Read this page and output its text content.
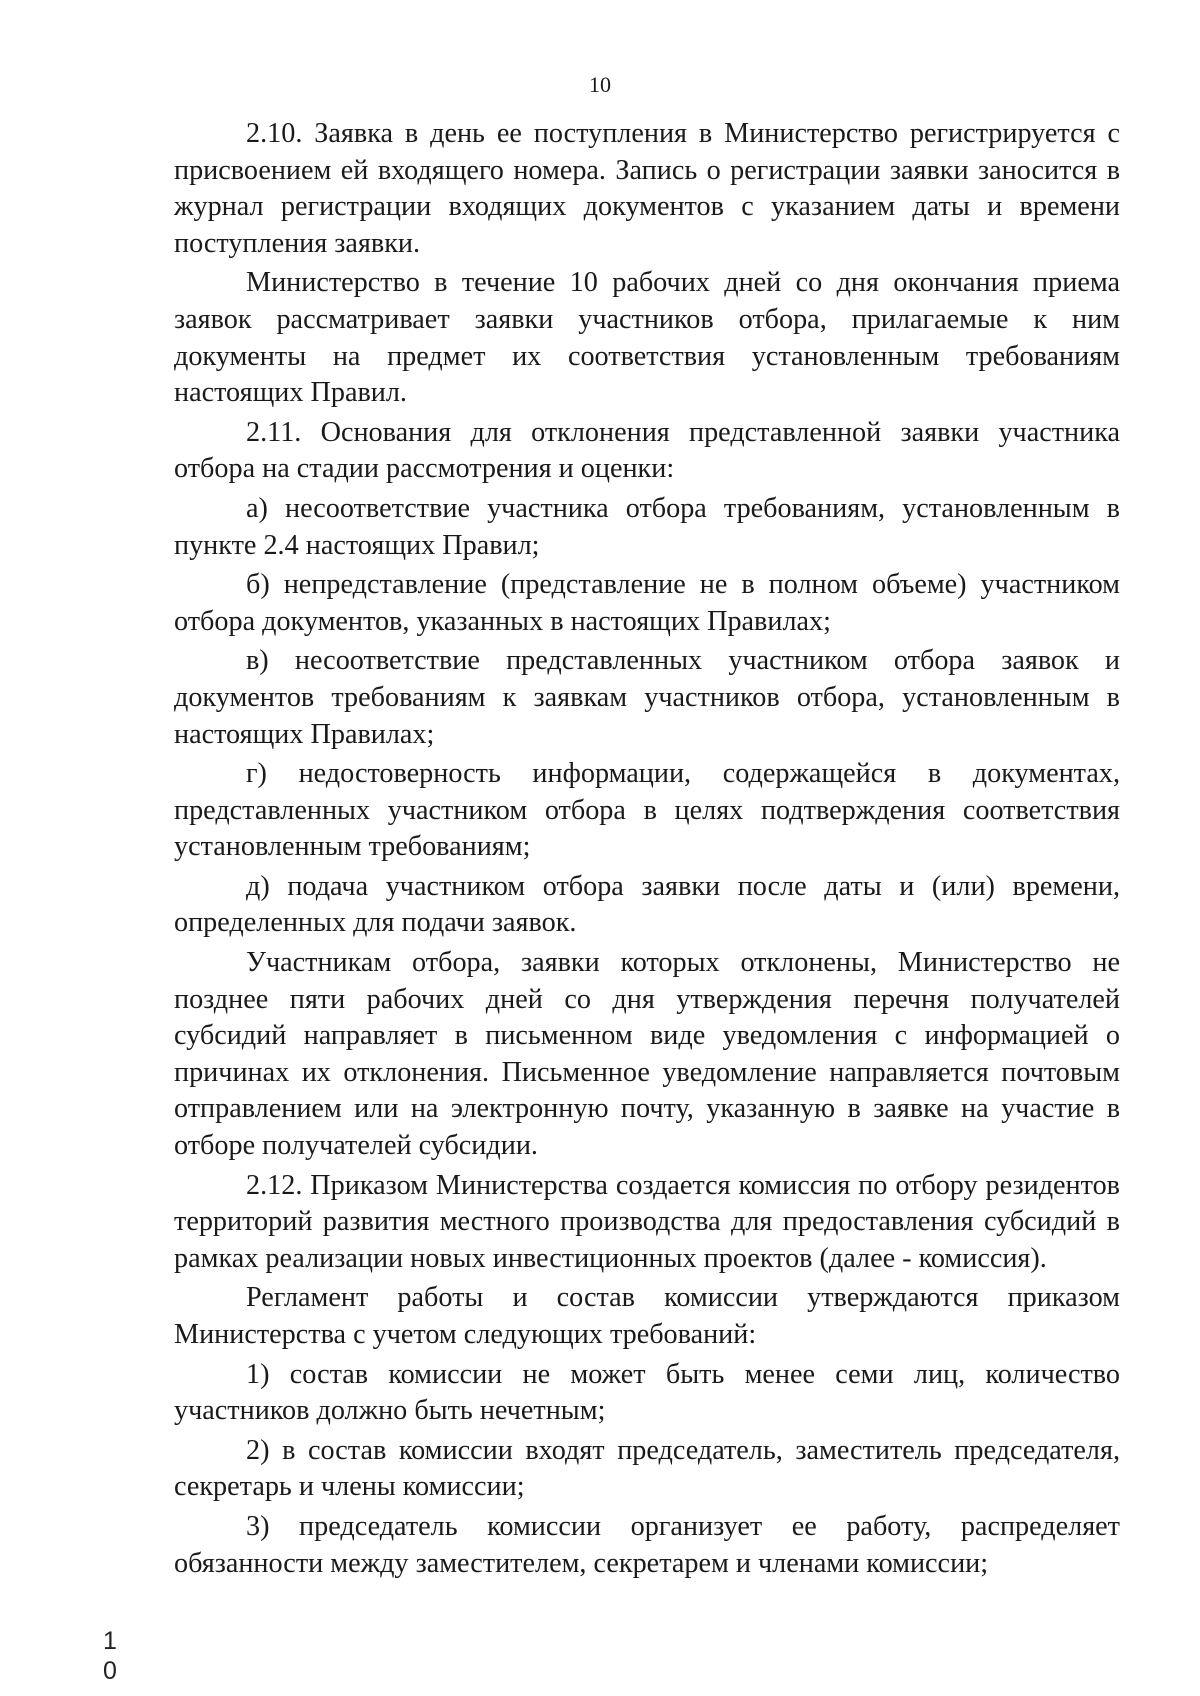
10

2.10. Заявка в день ее поступления в Министерство регистрируется с присвоением ей входящего номера. Запись о регистрации заявки заносится в журнал регистрации входящих документов с указанием даты и времени поступления заявки.

Министерство в течение 10 рабочих дней со дня окончания приема заявок рассматривает заявки участников отбора, прилагаемые к ним документы на предмет их соответствия установленным требованиям настоящих Правил.

2.11. Основания для отклонения представленной заявки участника отбора на стадии рассмотрения и оценки:

а) несоответствие участника отбора требованиям, установленным в пункте 2.4 настоящих Правил;

б) непредставление (представление не в полном объеме) участником отбора документов, указанных в настоящих Правилах;

в) несоответствие представленных участником отбора заявок и документов требованиям к заявкам участников отбора, установленным в настоящих Правилах;

г) недостоверность информации, содержащейся в документах, представленных участником отбора в целях подтверждения соответствия установленным требованиям;

д) подача участником отбора заявки после даты и (или) времени, определенных для подачи заявок.

Участникам отбора, заявки которых отклонены, Министерство не позднее пяти рабочих дней со дня утверждения перечня получателей субсидий направляет в письменном виде уведомления с информацией о причинах их отклонения. Письменное уведомление направляется почтовым отправлением или на электронную почту, указанную в заявке на участие в отборе получателей субсидии.

2.12. Приказом Министерства создается комиссия по отбору резидентов территорий развития местного производства для предоставления субсидий в рамках реализации новых инвестиционных проектов (далее - комиссия).

Регламент работы и состав комиссии утверждаются приказом Министерства с учетом следующих требований:

1) состав комиссии не может быть менее семи лиц, количество участников должно быть нечетным;

2) в состав комиссии входят председатель, заместитель председателя, секретарь и члены комиссии;

3) председатель комиссии организует ее работу, распределяет обязанности между заместителем, секретарем и членами комиссии;

1
0
